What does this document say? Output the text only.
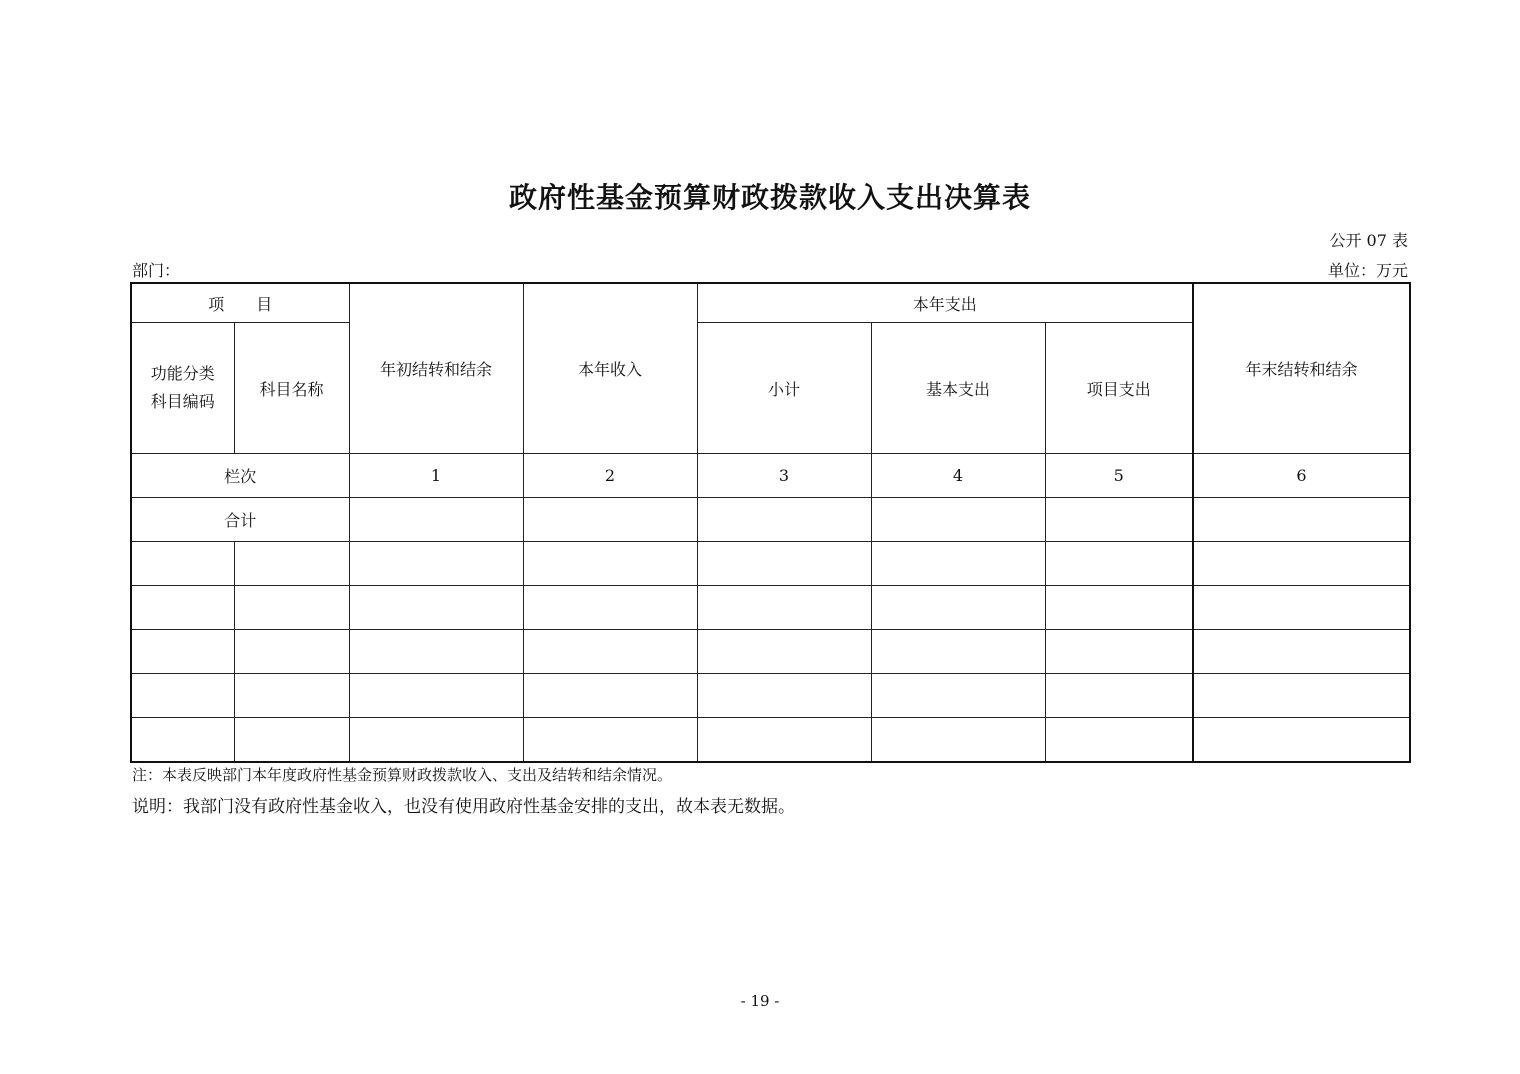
政府性基金预算财政拨款收入支出决算表
公开 07 表
部门：	单位：万元
项　　目		年初结转和结余	本年收入	本年支出			年末结转和结余

功能分类科目编码	科目名称			小计	基本支出	项目支出	
栏次		1	2	3	4	5	6
合计							

注：本表反映部门本年度政府性基金预算财政拨款收入、支出及结转和结余情况。
说明：我部门没有政府性基金收入，也没有使用政府性基金安排的支出，故本表无数据。
- 19 -
